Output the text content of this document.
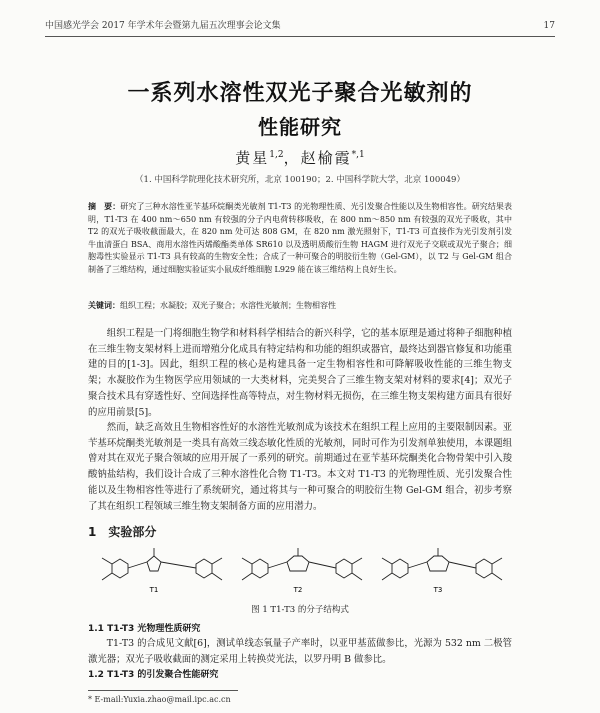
中国感光学会 2017 年学术年会暨第九届五次理事会论文集	17
一系列水溶性双光子聚合光敏剂的
性能研究
黄星$^{1,2}$，赵榆霞$^{*,1}$
（1. 中国科学院理化技术研究所，北京 100190；2. 中国科学院大学，北京 100049）
摘　要：研究了三种水溶性亚苄基环烷酮类光敏剂 T1-T3 的光物理性质、光引发聚合性能以及生物相容性。研究结果表明，T1-T3 在 400 nm～650 nm 有较强的分子内电荷转移吸收，在 800 nm～850 nm 有较强的双光子吸收，其中 T2 的双光子吸收截面最大，在 820 nm 处可达 808 GM，在 820 nm 激光照射下，T1-T3 可直接作为光引发剂引发牛血清蛋白 BSA、商用水溶性丙烯酸酯类单体 SR610 以及透明质酸衍生物 HAGM 进行双光子交联或双光子聚合；细胞毒性实验显示 T1-T3 具有较高的生物安全性；合成了一种可聚合的明胶衍生物（Gel-GM），以 T2 与 Gel-GM 组合制备了三维结构，通过细胞实验证实小鼠成纤维细胞 L929 能在该三维结构上良好生长。
关键词：组织工程；水凝胶；双光子聚合；水溶性光敏剂；生物相容性

组织工程是一门将细胞生物学和材料科学相结合的新兴科学，它的基本原理是通过将种子细胞种植在三维生物支架材料上进而增殖分化成具有特定结构和功能的组织或器官，最终达到器官修复和功能重建的目的[1-3]。因此，组织工程的核心是构建具备一定生物相容性和可降解吸收性能的三维生物支架；水凝胶作为生物医学应用领域的一大类材料，完美契合了三维生物支架对材料的要求[4]；双光子聚合技术具有穿透性好、空间选择性高等特点，对生物材料无损伤，在三维生物支架构建方面具有很好的应用前景[5]。

然而，缺乏高效且生物相容性好的水溶性光敏剂成为该技术在组织工程上应用的主要限制因素。亚苄基环烷酮类光敏剂是一类具有高效三线态敏化性质的光敏剂，同时可作为引发剂单独使用，本课题组曾对其在双光子聚合领域的应用开展了一系列的研究。前期通过在亚苄基环烷酮类化合物骨架中引入羧酸钠盐结构，我们设计合成了三种水溶性化合物 T1-T3。本文对 T1-T3 的光物理性质、光引发聚合性能以及生物相容性等进行了系统研究，通过将其与一种可聚合的明胶衍生物 Gel-GM 组合，初步考察了其在组织工程领域三维生物支架制备方面的应用潜力。

1　实验部分
T1	T2	T3
图 1 T1-T3 的分子结构式
1.1 T1-T3 光物理性质研究

T1-T3 的合成见文献[6]，测试单线态氧量子产率时，以亚甲基蓝做参比，光源为 532 nm 二极管激光器；双光子吸收截面的测定采用上转换荧光法，以罗丹明 B 做参比。

1.2 T1-T3 的引发聚合性能研究
* E-mail:Yuxia.zhao@mail.ipc.ac.cn
